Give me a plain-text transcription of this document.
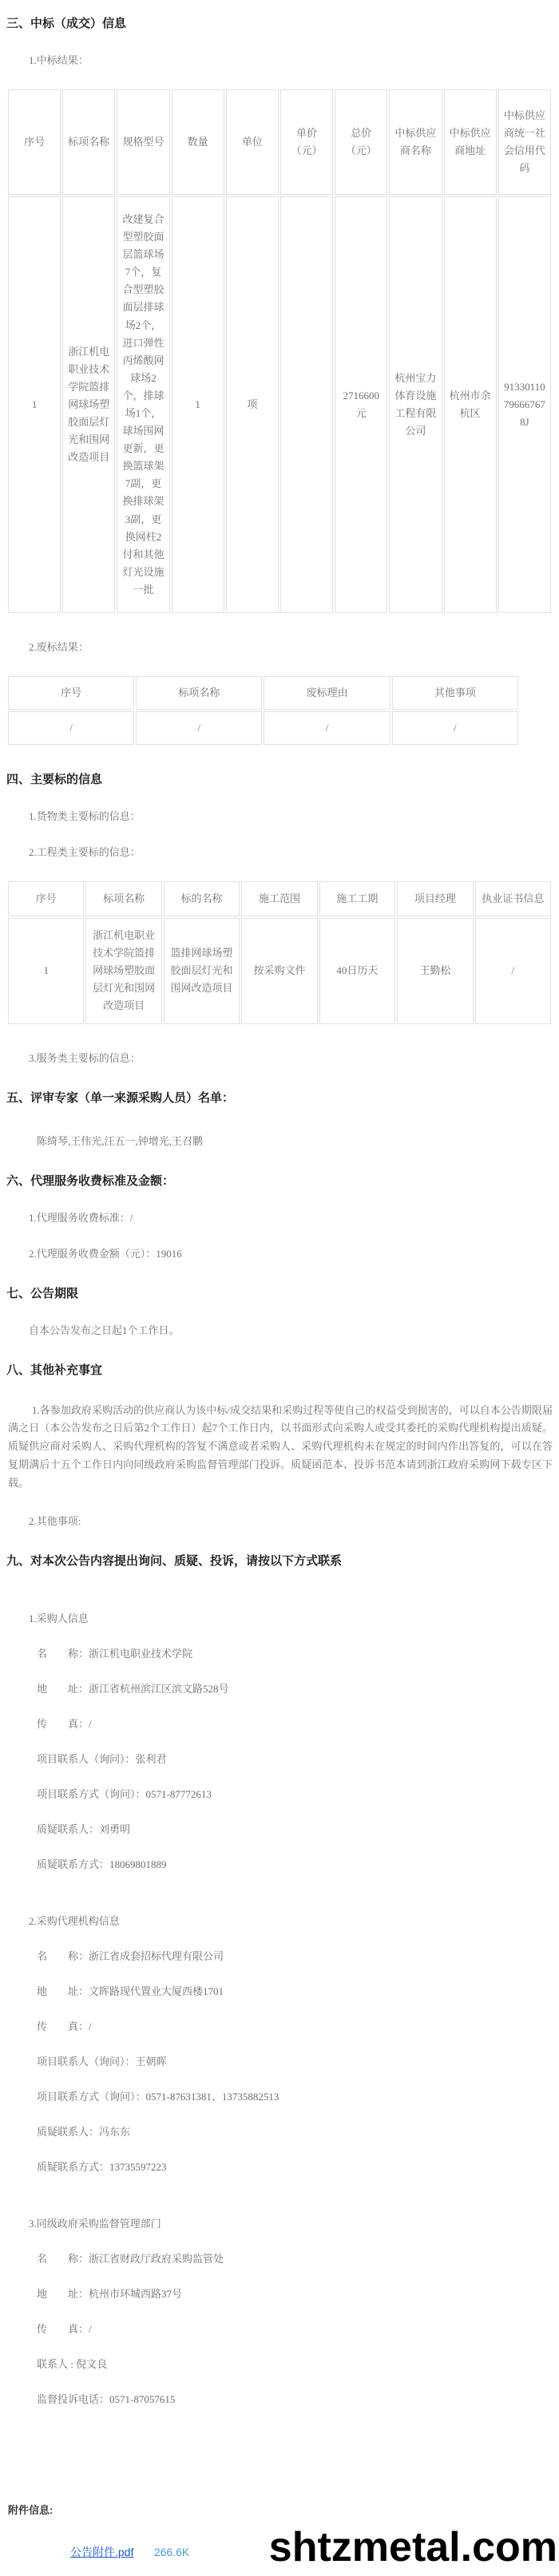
三、中标（成交）信息

1.中标结果：

序号	标项名称	规格型号	数量	单位	单价（元）	总价（元）	中标供应商名称	中标供应商地址	中标供应商统一社会信用代码
1	浙江机电职业技术学院篮排网球场塑胶面层灯光和围网改造项目	改建复合型塑胶面层篮球场7个，复合型塑胶面层排球场2个，进口弹性丙烯酸网球场2个，排球场1个，球场围网更新，更换篮球架7副，更换排球架3副，更换网柱2付和其他灯光设施一批	1	项		2716600元	杭州宝力体育设施工程有限公司	杭州市余杭区	91330110796667678J

2.废标结果：

序号	标项名称	废标理由	其他事项
/	/	/	/
四、主要标的信息

1.货物类主要标的信息：

2.工程类主要标的信息：

序号	标项名称	标的名称	施工范围	施工工期	项目经理	执业证书信息
1	浙江机电职业技术学院篮排网球场塑胶面层灯光和围网改造项目	篮排网球场塑胶面层灯光和围网改造项目	按采购文件	40日历天	王勤松	/

3.服务类主要标的信息：

五、评审专家（单一来源采购人员）名单：

陈绮琴,王伟光,汪五一,钟增光,王召鹏

六、代理服务收费标准及金额：

1.代理服务收费标准：/

2.代理服务收费金额（元）：19016

七、公告期限

自本公告发布之日起1个工作日。

八、其他补充事宜

1.各参加政府采购活动的供应商认为该中标/成交结果和采购过程等使自己的权益受到损害的，可以自本公告期限届满之日（本公告发布之日后第2个工作日）起7个工作日内，以书面形式向采购人或受其委托的采购代理机构提出质疑。质疑供应商对采购人、采购代理机构的答复不满意或者采购人、采购代理机构未在规定的时间内作出答复的，可以在答复期满后十五个工作日内向同级政府采购监督管理部门投诉。质疑函范本、投诉书范本请到浙江政府采购网下载专区下载。

2.其他事项:

九、对本次公告内容提出询问、质疑、投诉，请按以下方式联系

1.采购人信息

名　　称：浙江机电职业技术学院

地　　址：浙江省杭州滨江区滨文路528号

传　　真：/

项目联系人（询问）：张利君

项目联系方式（询问）：0571-87772613

质疑联系人：刘勇明

质疑联系方式：18069801889

2.采购代理机构信息

名　　称：浙江省成套招标代理有限公司

地　　址：文晖路现代置业大厦西楼1701

传　　真：/

项目联系人（询问）：王朝晖

项目联系方式（询问）：0571-87631381、13735882513

质疑联系人：冯东东

质疑联系方式：13735597223

3.同级政府采购监督管理部门

名　　称：浙江省财政厅政府采购监管处

地　　址：杭州市环城西路37号

传　　真：/

联系人 : 倪文良

监督投诉电话：0571-87057615

附件信息:

公告附件.pdf 266.6K	shtzmetal.com
